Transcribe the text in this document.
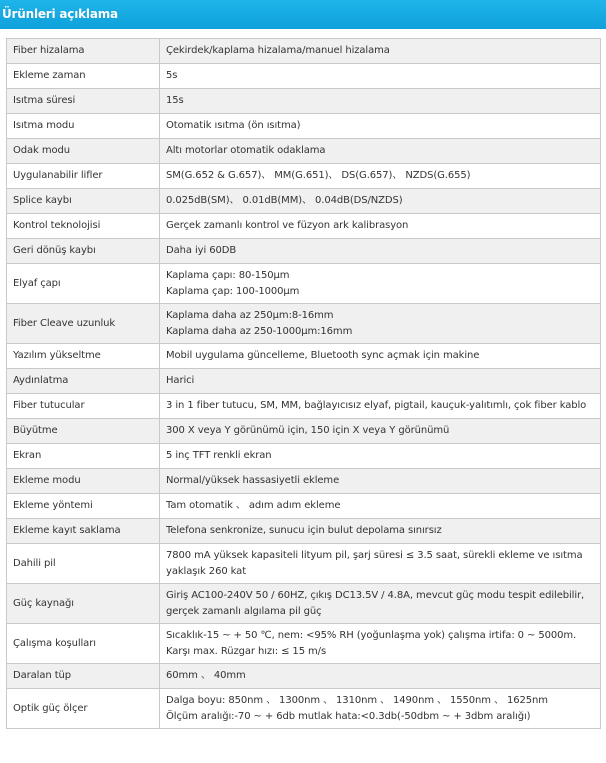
Ürünleri açıklama
Fiber hizalama	Çekirdek/kaplama hizalama/manuel hizalama
Ekleme zaman	5s
Isıtma süresi	15s
Isıtma modu	Otomatik ısıtma (ön ısıtma)
Odak modu	Altı motorlar otomatik odaklama
Uygulanabilir lifler	SM(G.652 & G.657)、 MM(G.651)、 DS(G.657)、 NZDS(G.655)
Splice kaybı	0.025dB(SM)、 0.01dB(MM)、 0.04dB(DS/NZDS)
Kontrol teknolojisi	Gerçek zamanlı kontrol ve füzyon ark kalibrasyon
Geri dönüş kaybı	Daha iyi 60DB
Elyaf çapı	Kaplama çapı: 80-150μm
Kaplama çap: 100-1000μm

Fiber Cleave uzunluk	Kaplama daha az 250μm:8-16mm
Kaplama daha az 250-1000μm:16mm

Yazılım yükseltme	Mobil uygulama güncelleme, Bluetooth sync açmak için makine
Aydınlatma	Harici
Fiber tutucular	3 in 1 fiber tutucu, SM, MM, bağlayıcısız elyaf, pigtail, kauçuk-yalıtımlı, çok fiber kablo
Büyütme	300 X veya Y görünümü için, 150 için X veya Y görünümü
Ekran	5 inç TFT renkli ekran
Ekleme modu	Normal/yüksek hassasiyetli ekleme
Ekleme yöntemi	Tam otomatik 、 adım adım ekleme
Ekleme kayıt saklama	Telefona senkronize, sunucu için bulut depolama sınırsız
Dahili pil	7800 mA yüksek kapasiteli lityum pil, şarj süresi ≤ 3.5 saat, sürekli ekleme ve ısıtma
yaklaşık 260 kat

Güç kaynağı	Giriş AC100-240V 50 / 60HZ, çıkış DC13.5V / 4.8A, mevcut güç modu tespit edilebilir,
gerçek zamanlı algılama pil güç

Çalışma koşulları	Sıcaklık-15 ~ + 50 ℃, nem: <95% RH (yoğunlaşma yok) çalışma irtifa: 0 ~ 5000m.
Karşı max. Rüzgar hızı: ≤ 15 m/s

Daralan tüp	60mm 、 40mm
Optik güç ölçer	Dalga boyu: 850nm 、 1300nm 、 1310nm 、 1490nm 、 1550nm 、 1625nm
Ölçüm aralığı:-70 ~ + 6db mutlak hata:<0.3db(-50dbm ~ + 3dbm aralığı)
